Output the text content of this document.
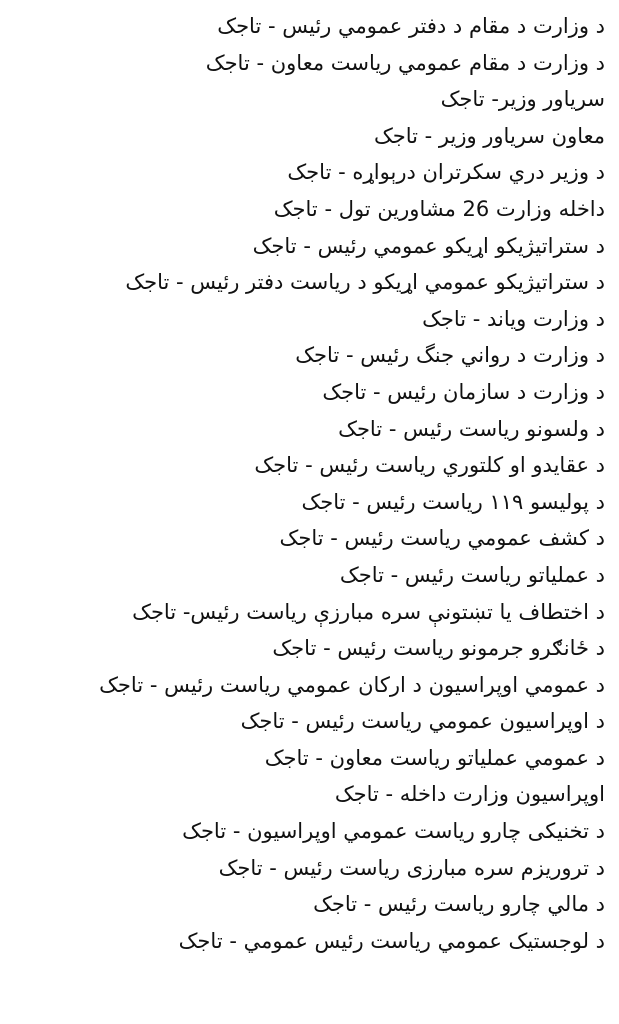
د وزارت د مقام د دفتر عمومي رئيس - تاجک
د وزارت د مقام عمومي رياست معاون - تاجک
سرياور وزير- تاجک
معاون سرياور وزير - تاجک
د وزير دري سکرتران درېواړه - تاجک
داخله وزارت 26 مشاورين تول - تاجک
د ستراتيژيکو اړيکو عمومي رئيس - تاجک
د ستراتيژيکو عمومي اړيکو د رياست دفتر رئيس - تاجک
د وزارت وياند - تاجک
د وزارت د رواني جنگ رئيس - تاجک
د وزارت د سازمان رئيس - تاجک
د ولسونو رياست رئيس - تاجک
د عقايدو او کلتوري رياست رئيس - تاجک
د پوليسو ۱۱۹ رياست رئيس - تاجک
د کشف عمومي رياست رئيس - تاجک
د عملياتو رياست رئيس - تاجک
د اختطاف يا تښتونې سره مبارزې رياست رئيس- تاجک
د ځانګرو جرمونو رياست رئيس - تاجک
د عمومي اوپراسيون د ارکان عمومي رياست رئيس - تاجک
د اوپراسيون عمومي رياست رئيس - تاجک
د عمومي عملياتو رياست معاون - تاجک
اوپراسيون وزارت داخله - تاجک
د تخنيکی چارو رياست عمومي اوپراسيون - تاجک
د تروريزم سره مبارزی رياست رئيس - تاجک
د مالي چارو رياست رئيس - تاجک
د لوجستيک عمومي رياست رئيس عمومي - تاجک
